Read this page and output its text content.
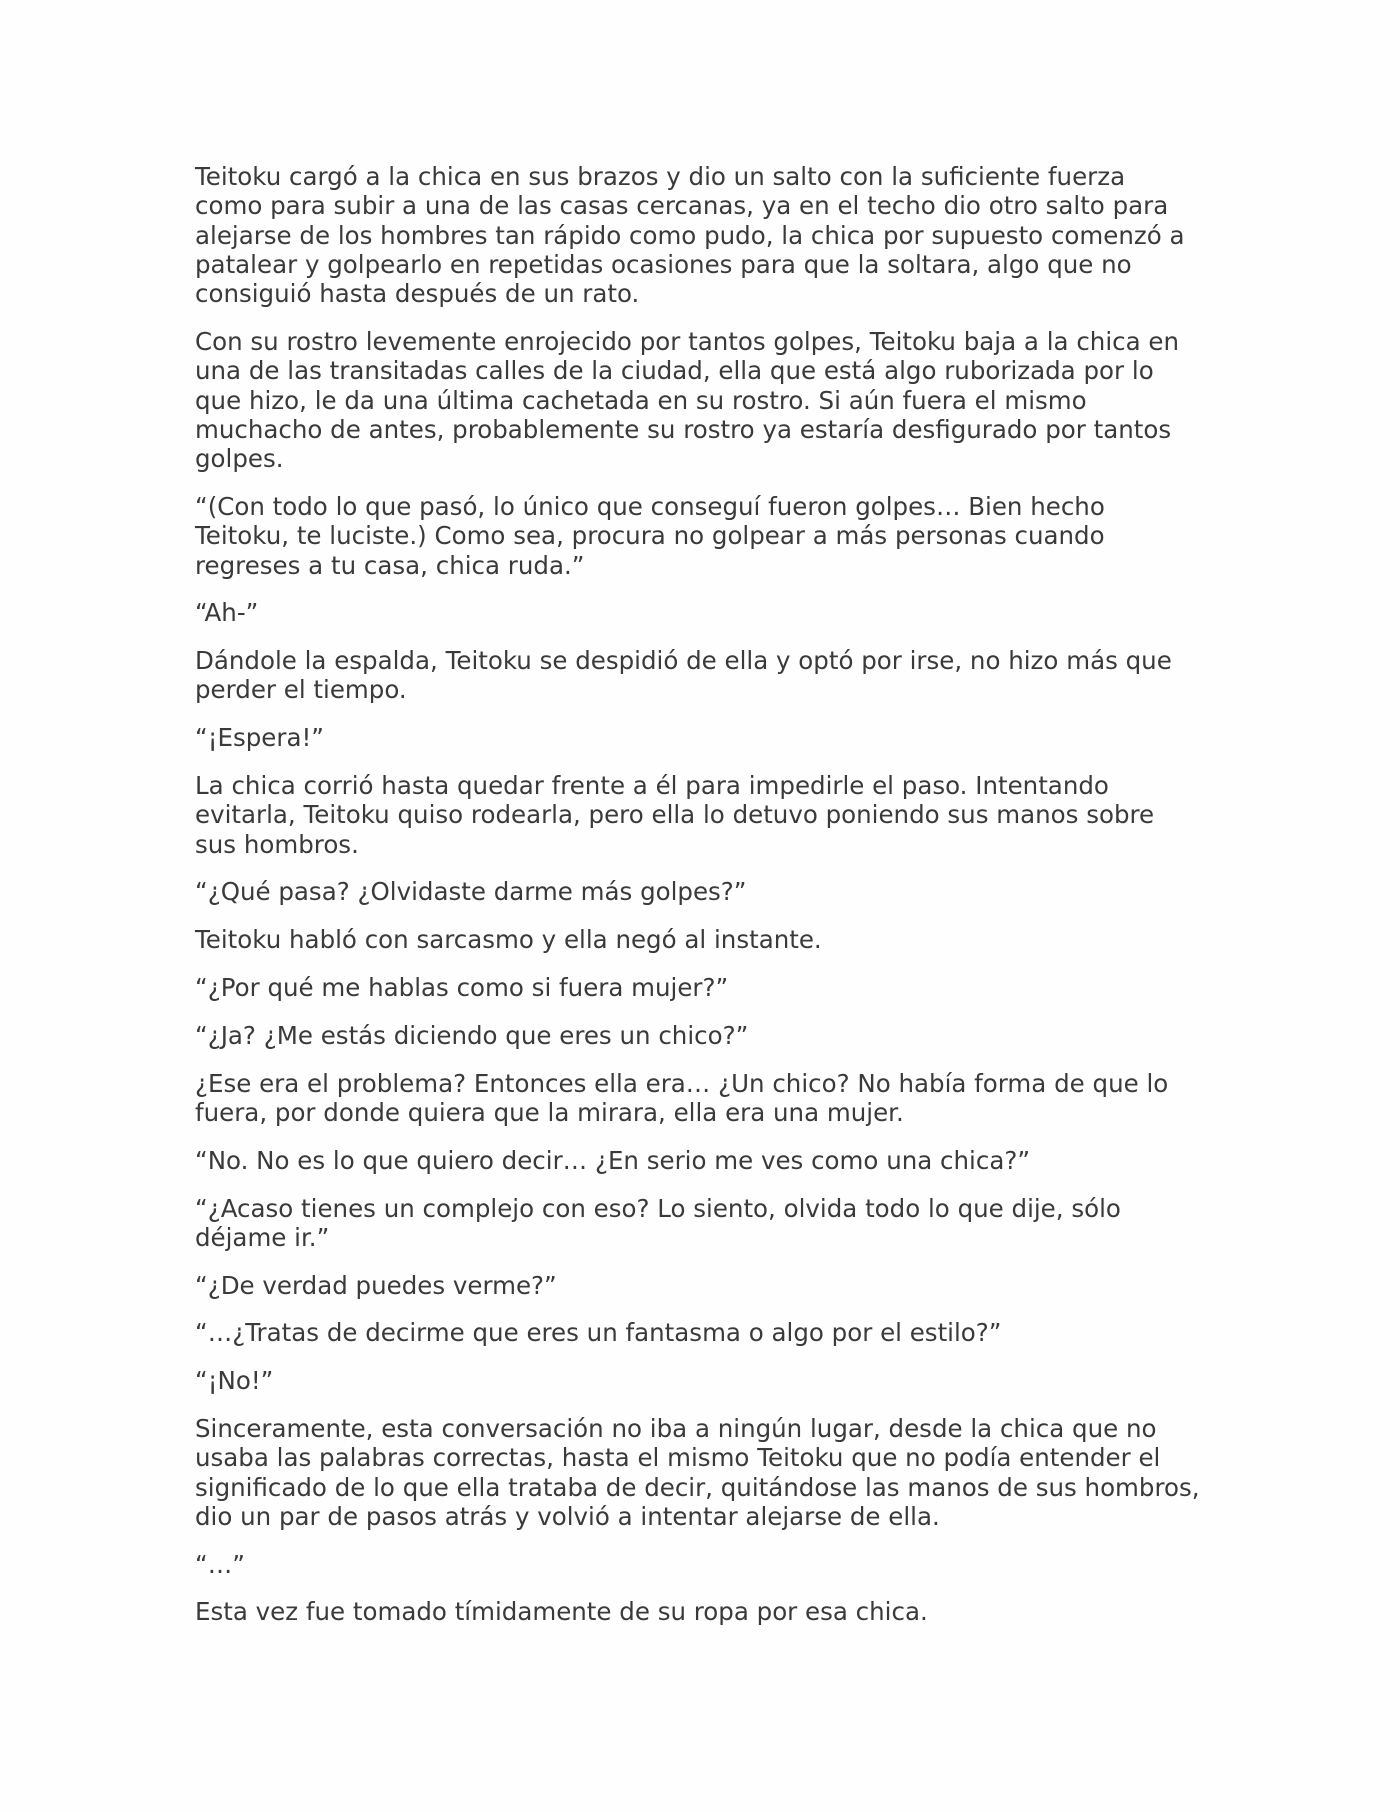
Teitoku cargó a la chica en sus brazos y dio un salto con la suficiente fuerza como para subir a una de las casas cercanas, ya en el techo dio otro salto para alejarse de los hombres tan rápido como pudo, la chica por supuesto comenzó a patalear y golpearlo en repetidas ocasiones para que la soltara, algo que no consiguió hasta después de un rato.

Con su rostro levemente enrojecido por tantos golpes, Teitoku baja a la chica en una de las transitadas calles de la ciudad, ella que está algo ruborizada por lo que hizo, le da una última cachetada en su rostro. Si aún fuera el mismo muchacho de antes, probablemente su rostro ya estaría desfigurado por tantos golpes.

“(Con todo lo que pasó, lo único que conseguí fueron golpes… Bien hecho Teitoku, te luciste.) Como sea, procura no golpear a más personas cuando regreses a tu casa, chica ruda.”

“Ah-”

Dándole la espalda, Teitoku se despidió de ella y optó por irse, no hizo más que perder el tiempo.

“¡Espera!”

La chica corrió hasta quedar frente a él para impedirle el paso. Intentando evitarla, Teitoku quiso rodearla, pero ella lo detuvo poniendo sus manos sobre sus hombros.

“¿Qué pasa? ¿Olvidaste darme más golpes?”

Teitoku habló con sarcasmo y ella negó al instante.

“¿Por qué me hablas como si fuera mujer?”

“¿Ja? ¿Me estás diciendo que eres un chico?”

¿Ese era el problema? Entonces ella era… ¿Un chico? No había forma de que lo fuera, por donde quiera que la mirara, ella era una mujer.

“No. No es lo que quiero decir… ¿En serio me ves como una chica?”

“¿Acaso tienes un complejo con eso? Lo siento, olvida todo lo que dije, sólo déjame ir.”

“¿De verdad puedes verme?”

“…¿Tratas de decirme que eres un fantasma o algo por el estilo?”

“¡No!”

Sinceramente, esta conversación no iba a ningún lugar, desde la chica que no usaba las palabras correctas, hasta el mismo Teitoku que no podía entender el significado de lo que ella trataba de decir, quitándose las manos de sus hombros, dio un par de pasos atrás y volvió a intentar alejarse de ella.

“…”

Esta vez fue tomado tímidamente de su ropa por esa chica.
